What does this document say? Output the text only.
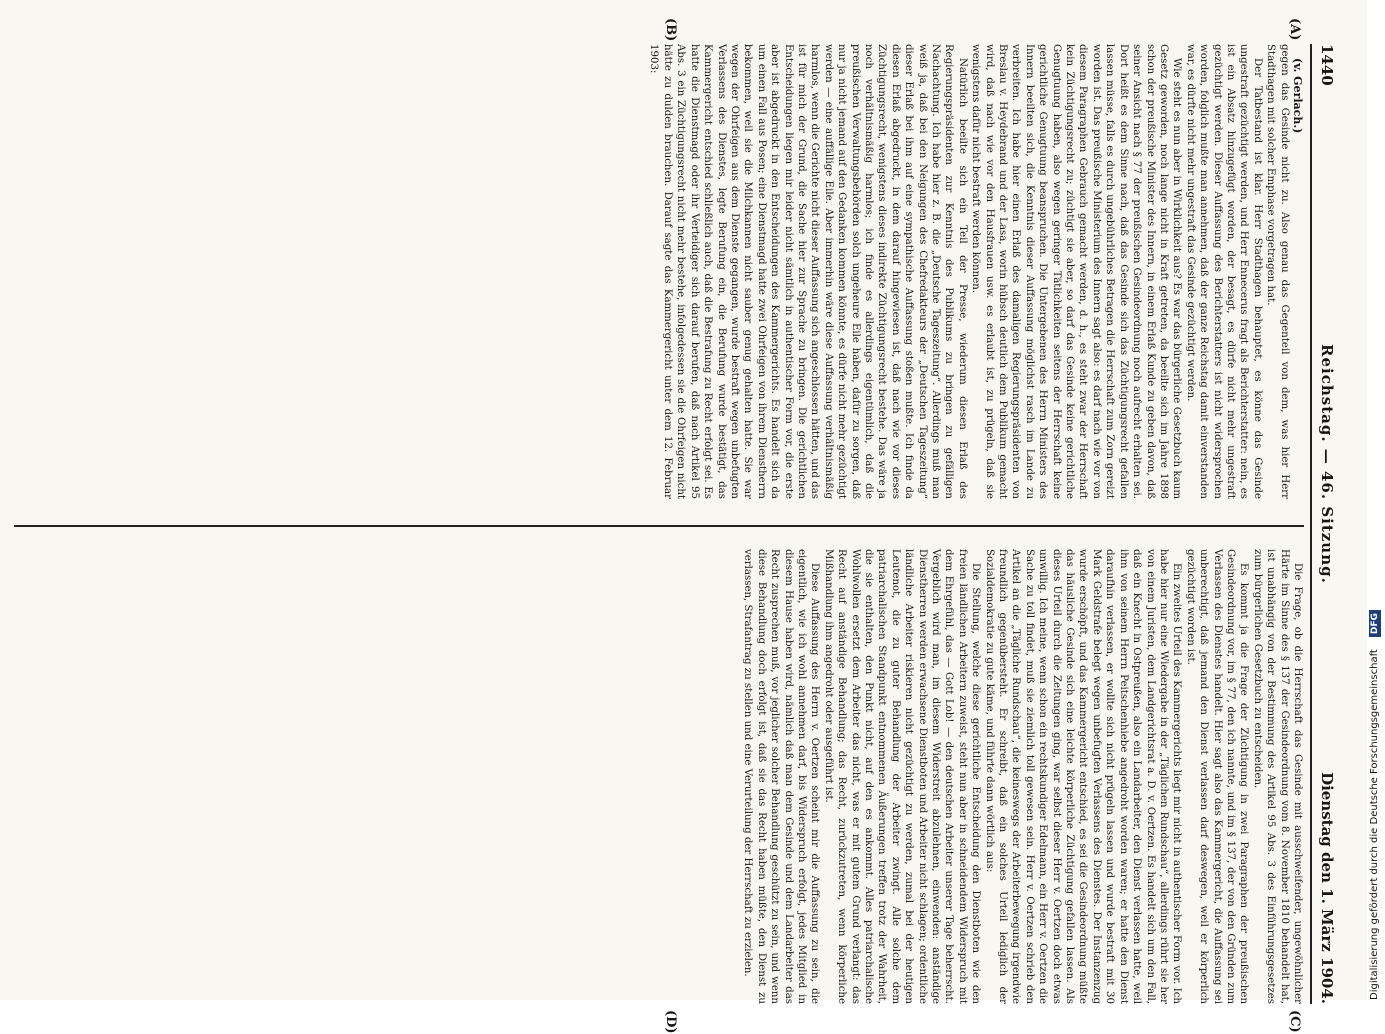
1440
Reichstag. — 46. Sitzung.
Dienstag den 1. März 1904.
(A)
(B)
(C)
(D)

(v. Gerlach.)

gegen das Gesinde nicht zu. Also genau das Gegenteil von dem, was hier Herr Stadthagen mit solcher Emphase vorgetragen hat.

Der Tatbestand ist klar. Herr Stadthagen behauptet, es könne das Gesinde ungestraft gezüchtigt werden, und Herr Ennecerus fragt als Berichterstatter: nein, es ist ein Absatz hinzugefügt worden, der besagt, es dürfe nicht mehr ungestraft gezüchtigt werden. Dieser Auffassung des Berichterstatters ist nicht widersprochen worden, folglich mußte man annehmen, daß der ganze Reichstag damit einverstanden war, es dürfte nicht mehr ungestraft das Gesinde gezüchtigt werden.

Wie steht es nun aber in Wirklichkeit aus? Es war das bürgerliche Gesetzbuch kaum Gesetz geworden, noch lange nicht in Kraft getreten, da beeilte sich im Jahre 1898 schon der preußische Minister des Innern, in einem Erlaß Kunde zu geben davon, daß seiner Ansicht nach § 77 der preußischen Gesindeordnung noch aufrecht erhalten sei. Dort heißt es dem Sinne nach, daß das Gesinde sich das Züchtigungsrecht gefallen lassen müsse, falls es durch ungebührliches Betragen die Herrschaft zum Zorn gereizt worden ist. Das preußische Ministerium des Innern sagt also: es darf nach wie vor von diesem Paragraphen Gebrauch gemacht werden, d. h., es steht zwar der Herrschaft kein Züchtigungsrecht zu; züchtigt sie aber, so darf das Gesinde keine gerichtliche Genugtuung haben, also wegen geringer Tätlichkeiten seitens der Herrschaft keine gerichtliche Genugtuung beanspruchen. Die Untergebenen des Herrn Ministers des Innern beeilten sich, die Kenntnis dieser Auffassung möglichst rasch im Lande zu verbreiten. Ich habe hier einen Erlaß des damaligen Regierungspräsidenten von Breslau v. Heydebrand und der Lasa, worin hübsch deutlich dem Publikum gemacht wird, daß nach wie vor den Hausfrauen usw. es erlaubt ist, zu prügeln, daß sie wenigstens dafür nicht bestraft werden können.

Natürlich beeilte sich ein Teil der Presse, wiederum diesen Erlaß des Regierungspräsidenten zur Kenntnis des Publikums zu bringen zu gefälligen Nachachtung. Ich habe hier z. B. die „Deutsche Tageszeitung“. Allerdings muß man weiß ja, daß bei den Neigungen des Chefredakteurs der „Deutschen Tageszeitung“ dieser Erlaß bei ihm auf eine sympathische Auffassung stoßen mußte. Ich finde da diesen Erlaß abgedruckt, in dem darauf hingewiesen ist, daß nach wie vor dieses Züchtigungsrecht, wenigstens dieses indirekte Züchtigungsrecht bestehe. Das wäre ja noch verhältnismäßig harmlos; ich finde es allerdings eigentümlich, daß die preußischen Verwaltungsbehörden solch ungeheure Eile haben, dafür zu sorgen, daß nur ja nicht jemand auf den Gedanken kommen könnte, es dürfe nicht mehr gezüchtigt werden — eine auffällige Eile. Aber immerhin wäre diese Auffassung verhältnismäßig harmlos, wenn die Gerichte nicht dieser Auffassung sich angeschlossen hätten, und das ist für mich der Grund, die Sache hier zur Sprache zu bringen. Die gerichtlichen Entscheidungen liegen mir leider nicht sämtlich in authentischer Form vor, die erste aber ist abgedruckt in den Entscheidungen des Kammergerichts. Es handelt sich da um einen Fall aus Posen; eine Dienstmagd hatte zwei Ohrfeigen von ihrem Dienstherrn bekommen, weil sie die Milchkannen nicht sauber genug gehalten hatte. Sie war wegen der Ohrfeigen aus dem Dienste gegangen, wurde bestraft wegen unbefugten Verlassens des Dienstes, legte Berufung ein, die Berufung wurde bestätigt, das Kammergericht entschied schließlich auch, daß die Bestrafung zu Recht erfolgt sei. Es hatte die Dienstmagd oder ihr Verteidiger sich darauf berufen, daß nach Artikel 95 Abs. 3 ein Züchtigungsrecht nicht mehr bestehe, infolgedessen sie die Ohrfeigen nicht hätte zu dulden brauchen. Darauf sagte das Kammergericht unter dem 12. Februar 1903:

Die Frage, ob die Herrschaft das Gesinde mit ausschweifender, ungewöhnlicher Härte im Sinne des § 137 der Gesindeordnung vom 8. November 1810 behandelt hat, ist unabhängig von der Bestimmung des Artikel 95 Abs. 3 des Einführungsgesetzes zum bürgerlichen Gesetzbuch zu entscheiden.

Es kommt ja die Frage der Züchtigung in zwei Paragraphen der preußischen Gesindeordnung vor, im § 77, den ich nannte, und im § 137, der von den Gründen zum Verlassen des Dienstes handelt. Hier sagt also das Kammergericht, die Auffassung sei unberechtigt, daß jemand den Dienst verlassen darf deswegen, weil er körperlich gezüchtigt worden ist.

Ein zweites Urteil des Kammergerichts liegt mir nicht in authentischer Form vor. Ich habe hier nur eine Wiedergabe in der „Täglichen Rundschau“, allerdings rührt sie her von einem Juristen, dem Landgerichtsrat a. D. v. Oertzen. Es handelt sich um den Fall, daß ein Knecht in Ostpreußen, also ein Landarbeiter, den Dienst verlassen hatte, weil ihm von seinem Herrn Peitschenhiebe angedroht worden waren; er hatte den Dienst daraufhin verlassen, er wollte sich nicht prügeln lassen und wurde bestraft mit 30 Mark Geldstrafe belegt wegen unbefugten Verlassens des Dienstes. Der Instanzenzug wurde erschöpft, und das Kammergericht entschied, es sei die Gesindeordnung müßte das häusliche Gesinde sich eine leichte körperliche Züchtigung gefallen lassen. Als dieses Urteil durch die Zeitungen ging, war selbst dieser Herr v. Oertzen doch etwas unwillig. Ich meine, wenn schon ein rechtskundiger Edelmann, ein Herr v. Oertzen die Sache zu toll findet, muß sie ziemlich toll gewesen sein. Herr v. Oertzen schrieb den Artikel an die „Tägliche Rundschau“, die keineswegs der Arbeiterbewegung irgendwie freundlich gegenübersteht. Er schreibt, daß ein solches Urteil lediglich der Sozialdemokratie zu gute käme, und führte dann wörtlich aus:

Die Stellung, welche diese gerichtliche Entscheidung den Dienstboten wie den freien ländlichen Arbeitern zuweist, steht nun aber in schneidendem Widerspruch mit dem Ehrgefühl, das — Gott Lob! — den deutschen Arbeiter unserer Tage beherrscht. Vergeblich wird man, im diesem Widerstreit abzulehnen, einwenden: anständige Dienstherren werden erwachsene Dienstboten und Arbeiter nicht schlagen; ordentliche ländliche Arbeiter riskieren nicht gezüchtigt zu werden, zumal bei der heutigen Leutenot, die zu guter Behandlung der Arbeiter zwingt. Alle solche dem patriarchalischen Standpunkt entnommenen Äußerungen treffen trotz der Wahrheit, die sie enthalten, den Punkt nicht, auf den es ankommt. Alles patriarchalische Wohlwollen ersetzt dem Arbeiter das nicht, was er mit gutem Grund verlangt: das Recht auf anständige Behandlung; das Recht, zurückzutreten, wenn körperliche Mißhandlung ihm angedroht oder ausgeführt ist.

Diese Auffassung des Herrn v. Oertzen scheint mir die Auffassung zu sein, die eigentlich, wie ich wohl annehmen darf, bis Widerspruch erfolgt, jedes Mitglied in diesem Hause haben wird, nämlich daß man dem Gesinde und dem Landarbeiter das Recht zusprechen muß, vor jeglicher solcher Behandlung geschützt zu sein, und wenn diese Behandlung doch erfolgt ist, daß sie das Recht haben müßte, den Dienst zu verlassen, Strafantrag zu stellen und eine Verurteilung der Herrschaft zu erzielen.	Digitalisierung gefördert durch die Deutsche ForschungsgemeinschaftDFG
